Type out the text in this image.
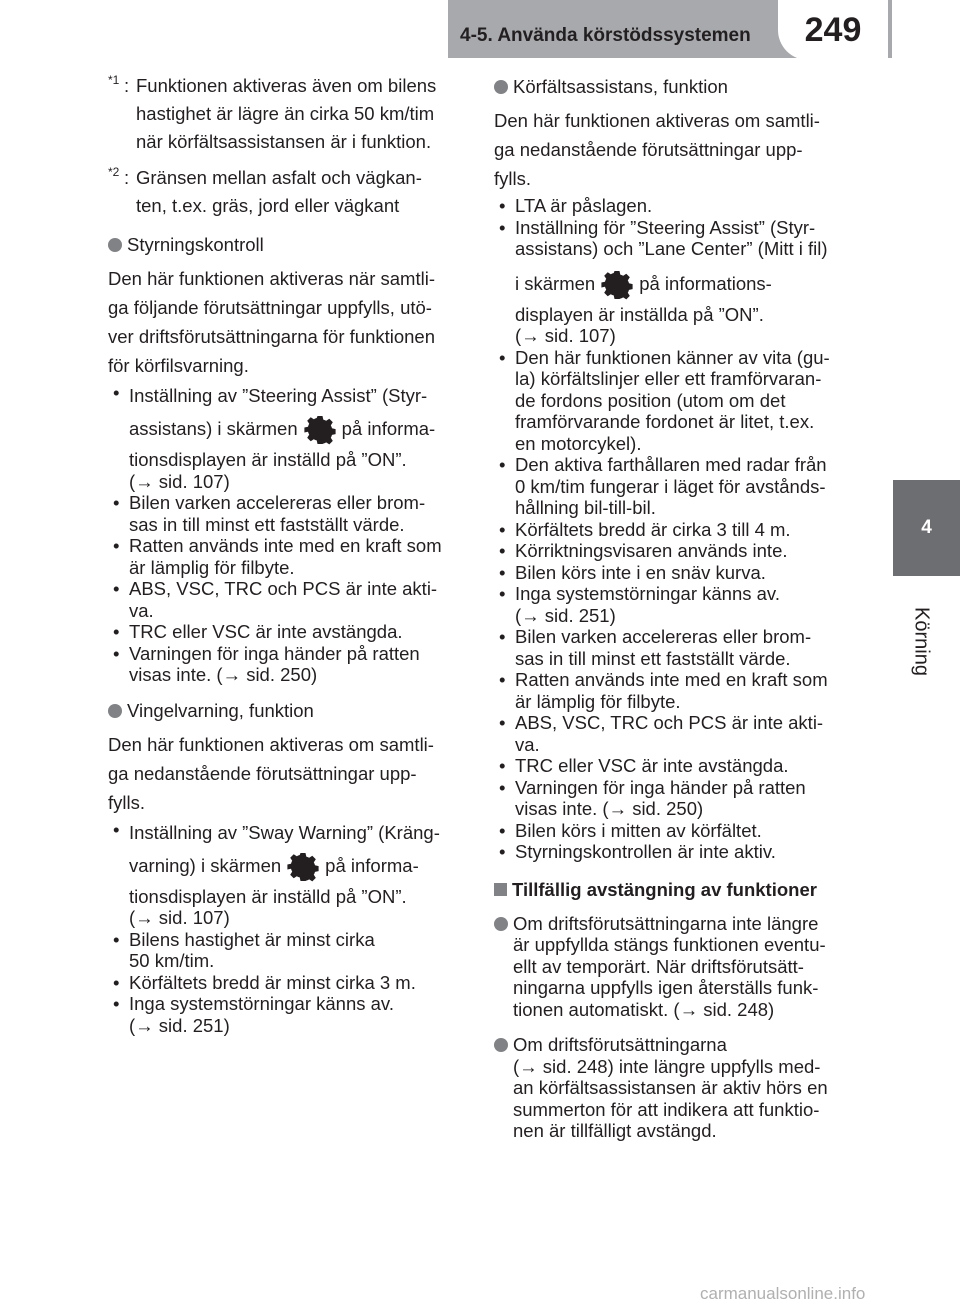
4-5. Använda körstödssystemen	249
4
Körning
*1 : Funktionen aktiveras även om bilens
hastighet är lägre än cirka 50 km/tim
när körfältsassistansen är i funktion.
*2 : Gränsen mellan asfalt och vägkan-
ten, t.ex. gräs, jord eller vägkant
Styrningskontroll
Den här funktionen aktiveras när samtli-
ga följande förutsättningar uppfylls, utö-
ver driftsförutsättningarna för funktionen
för körfilsvarning.
• Inställning av ”Steering Assist” (Styr-
assistans) i skärmen på informa-
tionsdisplayen är inställd på ”ON”.
(→ sid. 107)
• Bilen varken accelereras eller brom-
sas in till minst ett fastställt värde.
• Ratten används inte med en kraft som
är lämplig för filbyte.
• ABS, VSC, TRC och PCS är inte akti-
va.
• TRC eller VSC är inte avstängda.
• Varningen för inga händer på ratten
visas inte. (→ sid. 250)
Vingelvarning, funktion
Den här funktionen aktiveras om samtli-
ga nedanstående förutsättningar upp-
fylls.
• Inställning av ”Sway Warning” (Kräng-
varning) i skärmen på informa-
tionsdisplayen är inställd på ”ON”.
(→ sid. 107)
• Bilens hastighet är minst cirka
50 km/tim.
• Körfältets bredd är minst cirka 3 m.
• Inga systemstörningar känns av.
(→ sid. 251)
Körfältsassistans, funktion
Den här funktionen aktiveras om samtli-
ga nedanstående förutsättningar upp-
fylls.
• LTA är påslagen.
• Inställning för ”Steering Assist” (Styr-
assistans) och ”Lane Center” (Mitt i fil)
i skärmen på informations-
displayen är inställda på ”ON”.
(→ sid. 107)
• Den här funktionen känner av vita (gu-
la) körfältslinjer eller ett framförvaran-
de fordons position (utom om det
framförvarande fordonet är litet, t.ex.
en motorcykel).
• Den aktiva farthållaren med radar från
0 km/tim fungerar i läget för avstånds-
hållning bil-till-bil.
• Körfältets bredd är cirka 3 till 4 m.
• Körriktningsvisaren används inte.
• Bilen körs inte i en snäv kurva.
• Inga systemstörningar känns av.
(→ sid. 251)
• Bilen varken accelereras eller brom-
sas in till minst ett fastställt värde.
• Ratten används inte med en kraft som
är lämplig för filbyte.
• ABS, VSC, TRC och PCS är inte akti-
va.
• TRC eller VSC är inte avstängda.
• Varningen för inga händer på ratten
visas inte. (→ sid. 250)
• Bilen körs i mitten av körfältet.
• Styrningskontrollen är inte aktiv.
Tillfällig avstängning av funktioner
Om driftsförutsättningarna inte längre
är uppfyllda stängs funktionen eventu-
ellt av temporärt. När driftsförutsätt-
ningarna uppfylls igen återställs funk-
tionen automatiskt. (→ sid. 248)
Om driftsförutsättningarna
(→ sid. 248) inte längre uppfylls med-
an körfältsassistansen är aktiv hörs en
summerton för att indikera att funktio-
nen är tillfälligt avstängd.
carmanualsonline.info
